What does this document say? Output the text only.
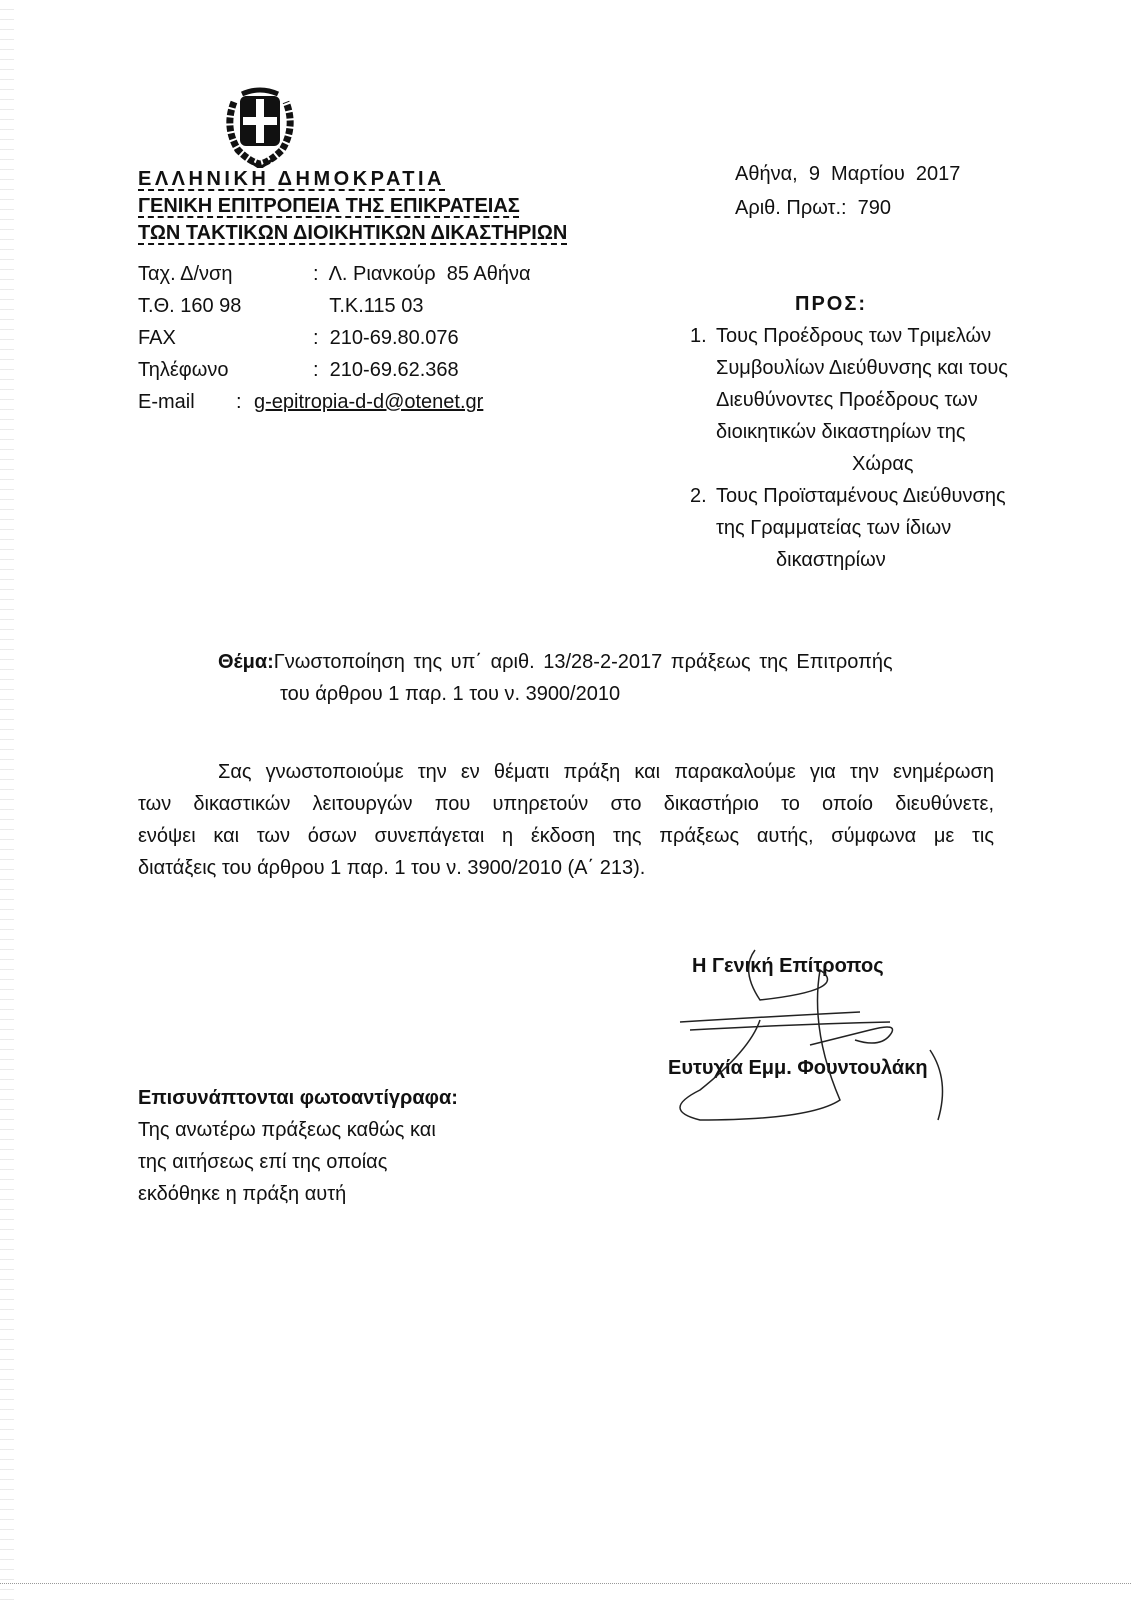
ΕΛΛΗΝΙΚΗ ΔΗΜΟΚΡΑΤΙΑ
ΓΕΝΙΚΗ ΕΠΙΤΡΟΠΕΙΑ ΤΗΣ ΕΠΙΚΡΑΤΕΙΑΣ
ΤΩΝ ΤΑΚΤΙΚΩΝ ΔΙΟΙΚΗΤΙΚΩΝ ΔΙΚΑΣΤΗΡΙΩΝ
Ταχ. Δ/νση	:  Λ. Ριανκούρ  85 Αθήνα
Τ.Θ. 160 98	Τ.Κ.115 03
FAX	:  210-69.80.076
Τηλέφωνο	:  210-69.62.368
E-mail	: g-epitropia-d-d@otenet.gr
Αθήνα,  9  Μαρτίου  2017
Αριθ. Πρωτ.:  790
ΠΡΟΣ:
1. Τους Προέδρους των Τριμελών
Συμβουλίων Διεύθυνσης και τους
Διευθύνοντες Προέδρους των
διοικητικών δικαστηρίων της
Χώρας
2. Τους Προϊσταμένους Διεύθυνσης
της Γραμματείας των ίδιων
δικαστηρίων
Θέμα:Γνωστοποίηση της υπ΄ αριθ. 13/28-2-2017 πράξεως της Επιτροπής
του άρθρου 1 παρ. 1 του ν. 3900/2010
Σας γνωστοποιούμε την εν θέματι πράξη και παρακαλούμε για την ενημέρωση
των δικαστικών λειτουργών που υπηρετούν στο δικαστήριο το οποίο διευθύνετε,
ενόψει και των όσων συνεπάγεται η έκδοση της πράξεως αυτής, σύμφωνα με τις
διατάξεις του άρθρου 1 παρ. 1 του ν. 3900/2010 (Α΄ 213).
Η Γενική Επίτροπος
Ευτυχία Εμμ. Φουντουλάκη
Επισυνάπτονται φωτοαντίγραφα:
Της ανωτέρω πράξεως καθώς και
της αιτήσεως επί της οποίας
εκδόθηκε η πράξη αυτή
